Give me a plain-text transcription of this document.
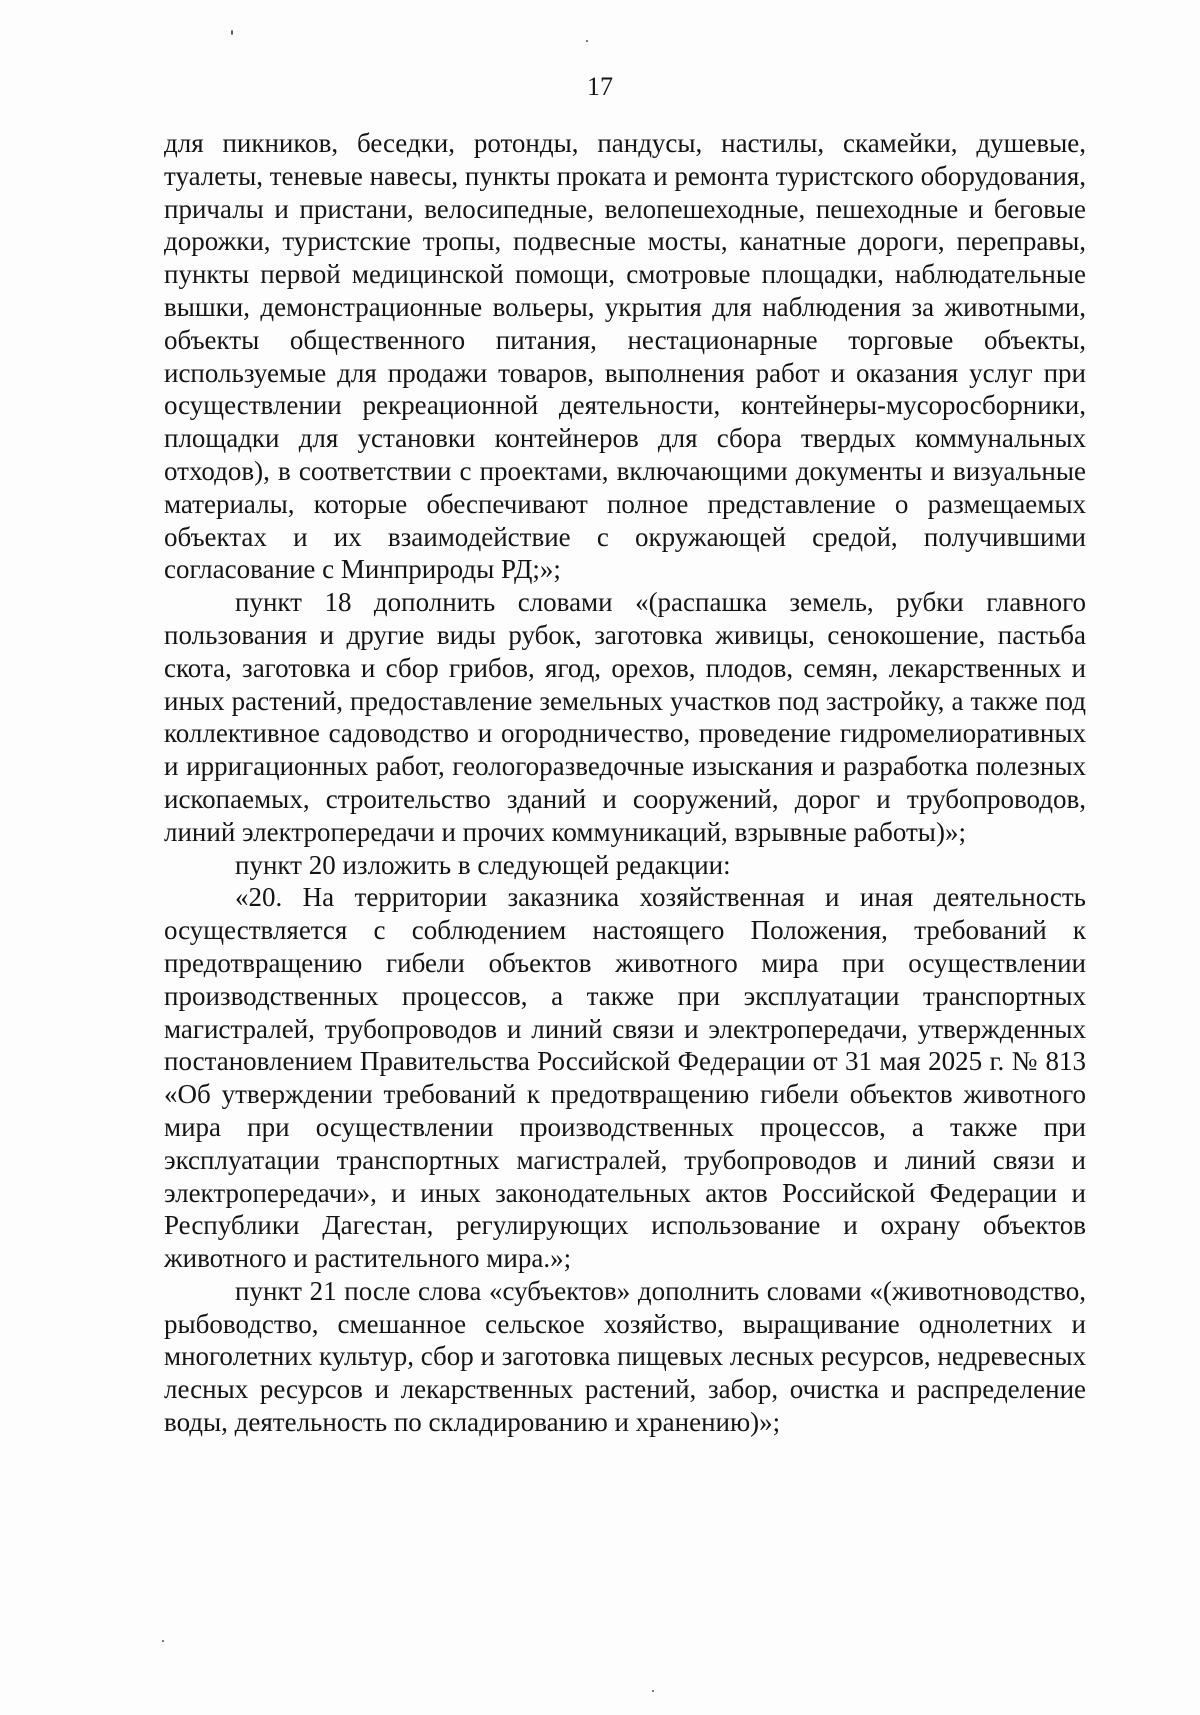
17

для пикников, беседки, ротонды, пандусы, настилы, скамейки, душевые, туалеты, теневые навесы, пункты проката и ремонта туристского оборудования, причалы и пристани, велосипедные, велопешеходные, пешеходные и беговые дорожки, туристские тропы, подвесные мосты, канатные дороги, переправы, пункты первой медицинской помощи, смотровые площадки, наблюдательные вышки, демонстрационные вольеры, укрытия для наблюдения за животными, объекты общественного питания, нестационарные торговые объекты, используемые для продажи товаров, выполнения работ и оказания услуг при осуществлении рекреационной деятельности, контейнеры-мусоросборники, площадки для установки контейнеров для сбора твердых коммунальных отходов), в соответствии с проектами, включающими документы и визуальные материалы, которые обеспечивают полное представление о размещаемых объектах и их взаимодействие с окружающей средой, получившими согласование с Минприроды РД;»;

пункт 18 дополнить словами «(распашка земель, рубки главного пользования и другие виды рубок, заготовка живицы, сенокошение, пастьба скота, заготовка и сбор грибов, ягод, орехов, плодов, семян, лекарственных и иных растений, предоставление земельных участков под застройку, а также под коллективное садоводство и огородничество, проведение гидромелиоративных и ирригационных работ, геологоразведочные изыскания и разработка полезных ископаемых, строительство зданий и сооружений, дорог и трубопроводов, линий электропередачи и прочих коммуникаций, взрывные работы)»;

пункт 20 изложить в следующей редакции:

«20. На территории заказника хозяйственная и иная деятельность осуществляется с соблюдением настоящего Положения, требований к предотвращению гибели объектов животного мира при осуществлении производственных процессов, а также при эксплуатации транспортных магистралей, трубопроводов и линий связи и электропередачи, утвержденных постановлением Правительства Российской Федерации от 31 мая 2025 г. № 813 «Об утверждении требований к предотвращению гибели объектов животного мира при осуществлении производственных процессов, а также при эксплуатации транспортных магистралей, трубопроводов и линий связи и электропередачи», и иных законодательных актов Российской Федерации и Республики Дагестан, регулирующих использование и охрану объектов животного и растительного мира.»;

пункт 21 после слова «субъектов» дополнить словами «(животноводство, рыбоводство, смешанное сельское хозяйство, выращивание однолетних и многолетних культур, сбор и заготовка пищевых лесных ресурсов, недревесных лесных ресурсов и лекарственных растений, забор, очистка и распределение воды, деятельность по складированию и хранению)»;
